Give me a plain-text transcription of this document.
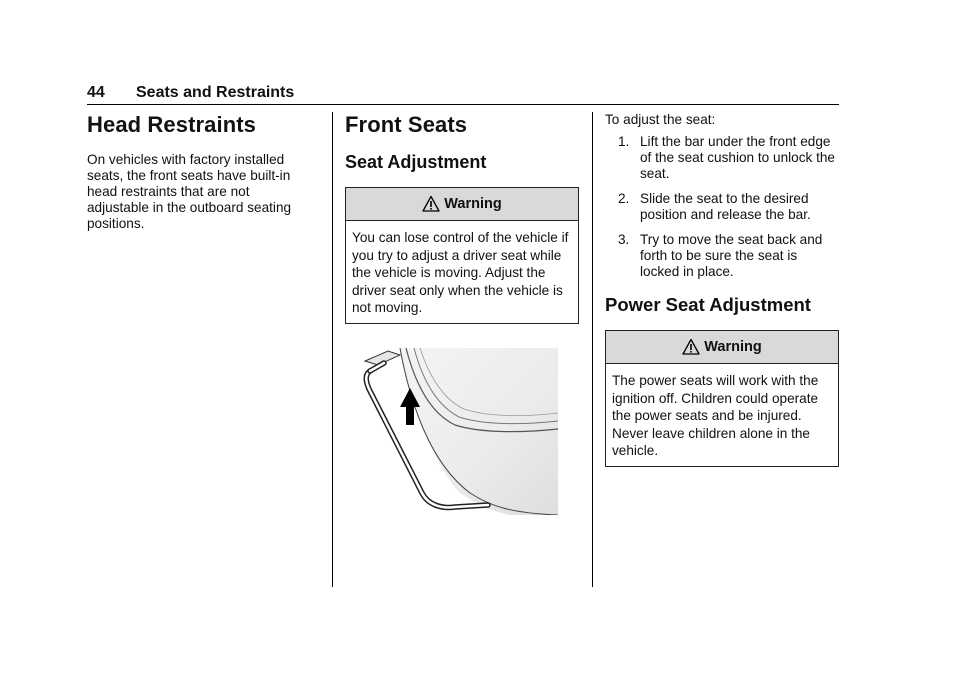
44 Seats and Restraints
Head Restraints

On vehicles with factory installed seats, the front seats have built-in head restraints that are not adjustable in the outboard seating positions.

Front Seats
Seat Adjustment
Warning
You can lose control of the vehicle if you try to adjust a driver seat while the vehicle is moving. Adjust the driver seat only when the vehicle is not moving.

To adjust the seat:

1. Lift the bar under the front edge of the seat cushion to unlock the seat.
2. Slide the seat to the desired position and release the bar.
3. Try to move the seat back and forth to be sure the seat is locked in place.
Power Seat Adjustment
Warning
The power seats will work with the ignition off. Children could operate the power seats and be injured. Never leave children alone in the vehicle.
